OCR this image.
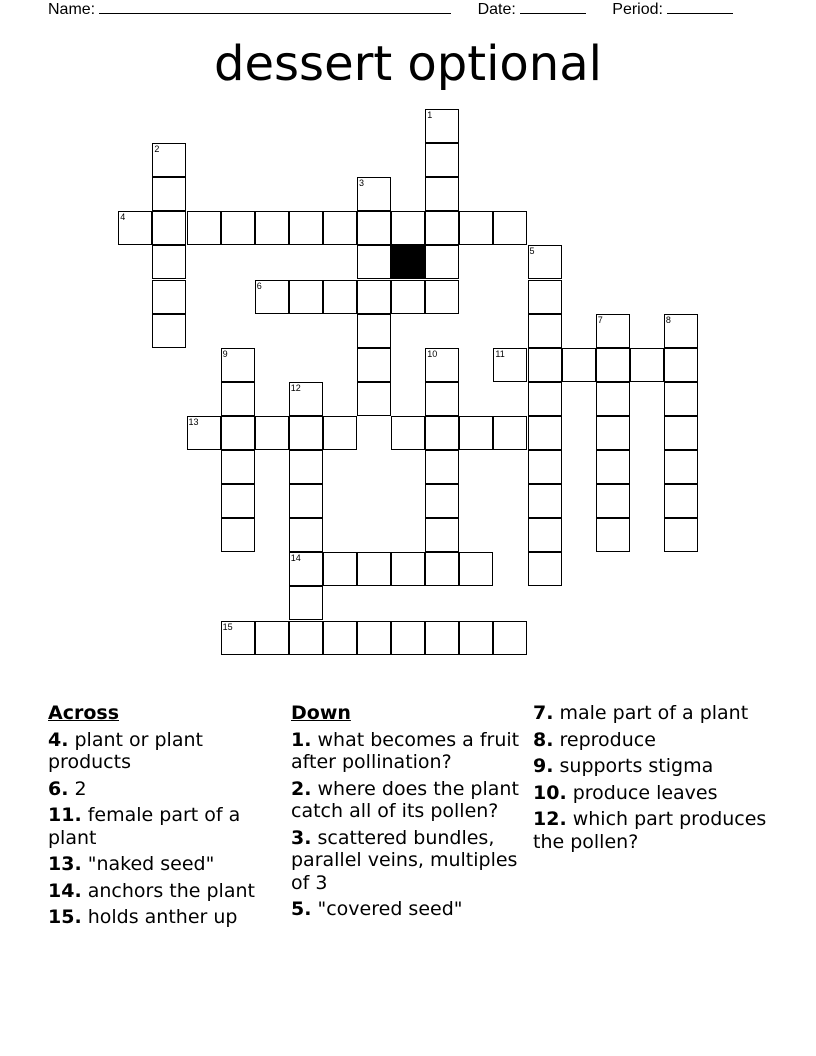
Name:	Date:	Period:
dessert optional
1
2
3
4
5
6
7	8
9	10	11
12
13
14
15
Across
4. plant or plant products
6. 2
11. female part of a plant
13. "naked seed"
14. anchors the plant
15. holds anther up
Down
1. what becomes a fruit after pollination?
2. where does the plant catch all of its pollen?
3. scattered bundles, parallel veins, multiples of 3
5. "covered seed"
7. male part of a plant
8. reproduce
9. supports stigma
10. produce leaves
12. which part produces the pollen?
